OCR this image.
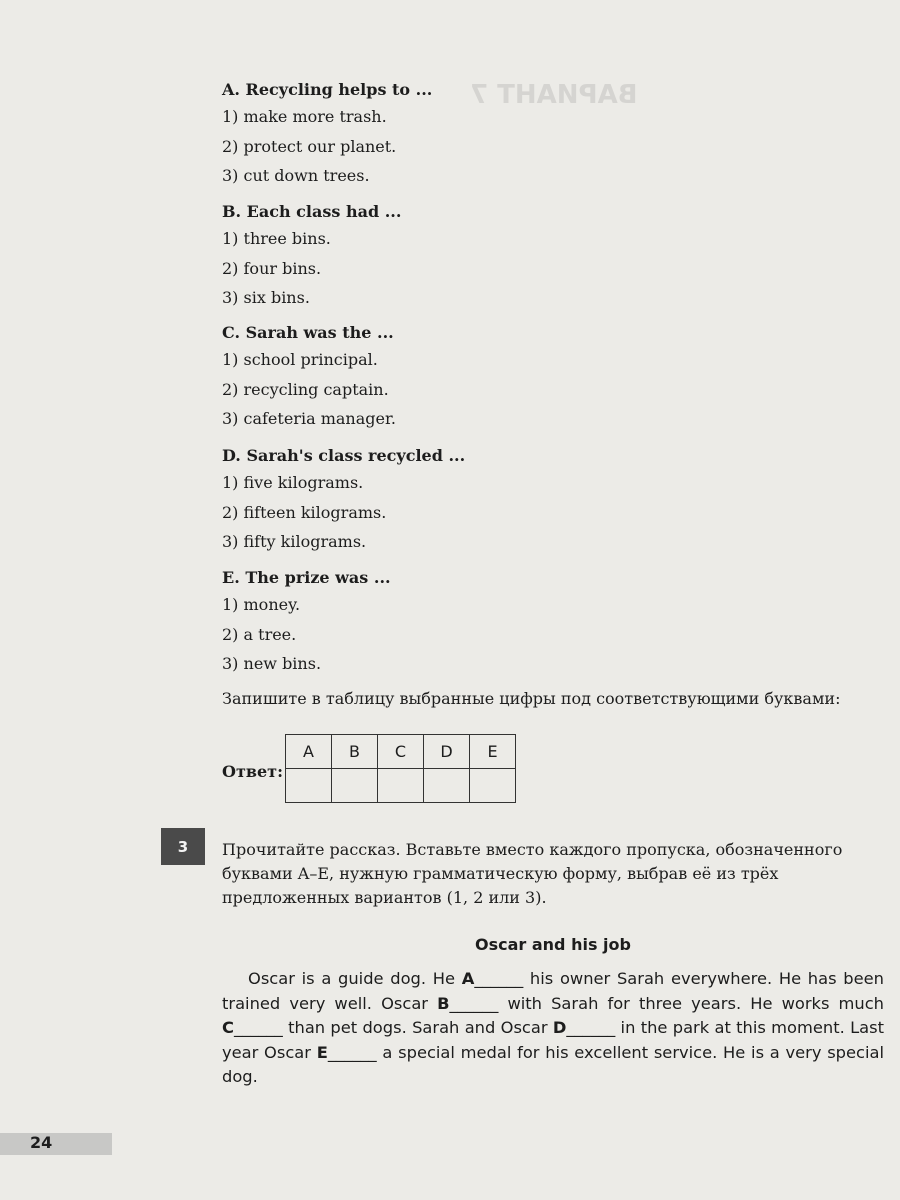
ВАРИАНТ 7
A. Recycling helps to ...
1) make more trash.
2) protect our planet.
3) cut down trees.
B. Each class had ...
1) three bins.
2) four bins.
3) six bins.
C. Sarah was the ...
1) school principal.
2) recycling captain.
3) cafeteria manager.
D. Sarah's class recycled ...
1) five kilograms.
2) fifteen kilograms.
3) fifty kilograms.
E. The prize was ...
1) money.
2) a tree.
3) new bins.
Запишите в таблицу выбранные цифры под соответствующими буквами:
Ответ:
A	B	C	D	E

3	Прочитайте рассказ. Вставьте вместо каждого пропуска, обозначенного буквами A–E, нужную грамматическую форму, выбрав её из трёх предложенных вариантов (1, 2 или 3).
Oscar and his job

Oscar is a guide dog. He A______ his owner Sarah everywhere. He has been trained very well. Oscar B______ with Sarah for three years. He works much C______ than pet dogs. Sarah and Oscar D______ in the park at this moment. Last year Oscar E______ a special medal for his excellent service. He is a very special dog.

24
